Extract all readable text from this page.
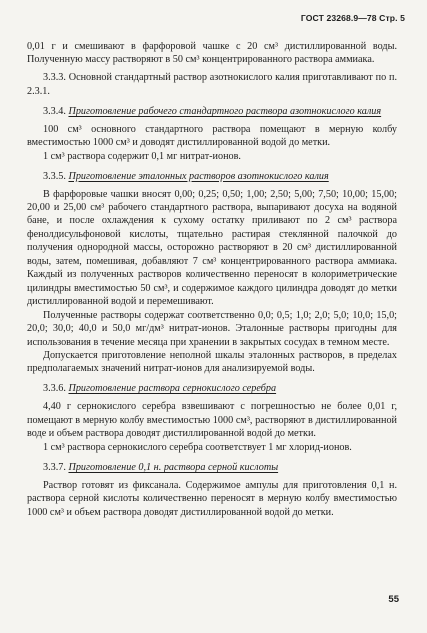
ГОСТ 23268.9—78 Стр. 5

0,01 г и смешивают в фарфоровой чашке с 20 см³ дистиллированной воды. Полученную массу растворяют в 50 см³ концентрированного раствора аммиака.

3.3.3. Основной стандартный раствор азотнокислого калия приготавливают по п. 2.3.1.

3.3.4. Приготовление рабочего стандартного раствора азотнокислого калия

100 см³ основного стандартного раствора помещают в мерную колбу вместимостью 1000 см³ и доводят дистиллированной водой до метки.

1 см³ раствора содержит 0,1 мг нитрат-ионов.

3.3.5. Приготовление эталонных растворов азотнокислого калия

В фарфоровые чашки вносят 0,00; 0,25; 0,50; 1,00; 2,50; 5,00; 7,50; 10,00; 15,00; 20,00 и 25,00 см³ рабочего стандартного раствора, выпаривают досуха на водяной бане, и после охлаждения к сухому остатку приливают по 2 см³ раствора фенолдисульфоновой кислоты, тщательно растирая стеклянной палочкой до получения однородной массы, осторожно растворяют в 20 см³ дистиллированной воды, затем, помешивая, добавляют 7 см³ концентрированного раствора аммиака. Каждый из полученных растворов количественно переносят в колориметрические цилиндры вместимостью 50 см³, и содержимое каждого цилиндра доводят до метки дистиллированной водой и перемешивают.

Полученные растворы содержат соответственно 0,0; 0,5; 1,0; 2,0; 5,0; 10,0; 15,0; 20,0; 30,0; 40,0 и 50,0 мг/дм³ нитрат-ионов. Эталонные растворы пригодны для использования в течение месяца при хранении в закрытых сосудах в темном месте.

Допускается приготовление неполной шкалы эталонных растворов, в пределах предполагаемых значений нитрат-ионов для анализируемой воды.

3.3.6. Приготовление раствора сернокислого серебра

4,40 г сернокислого серебра взвешивают с погрешностью не более 0,01 г, помещают в мерную колбу вместимостью 1000 см³, растворяют в дистиллированной воде и объем раствора доводят дистиллированной водой до метки.

1 см³ раствора сернокислого серебра соответствует 1 мг хлорид-ионов.

3.3.7. Приготовление 0,1 н. раствора серной кислоты

Раствор готовят из фиксанала. Содержимое ампулы для приготовления 0,1 н. раствора серной кислоты количественно переносят в мерную колбу вместимостью 1000 см³ и объем раствора доводят дистиллированной водой до метки.

55
